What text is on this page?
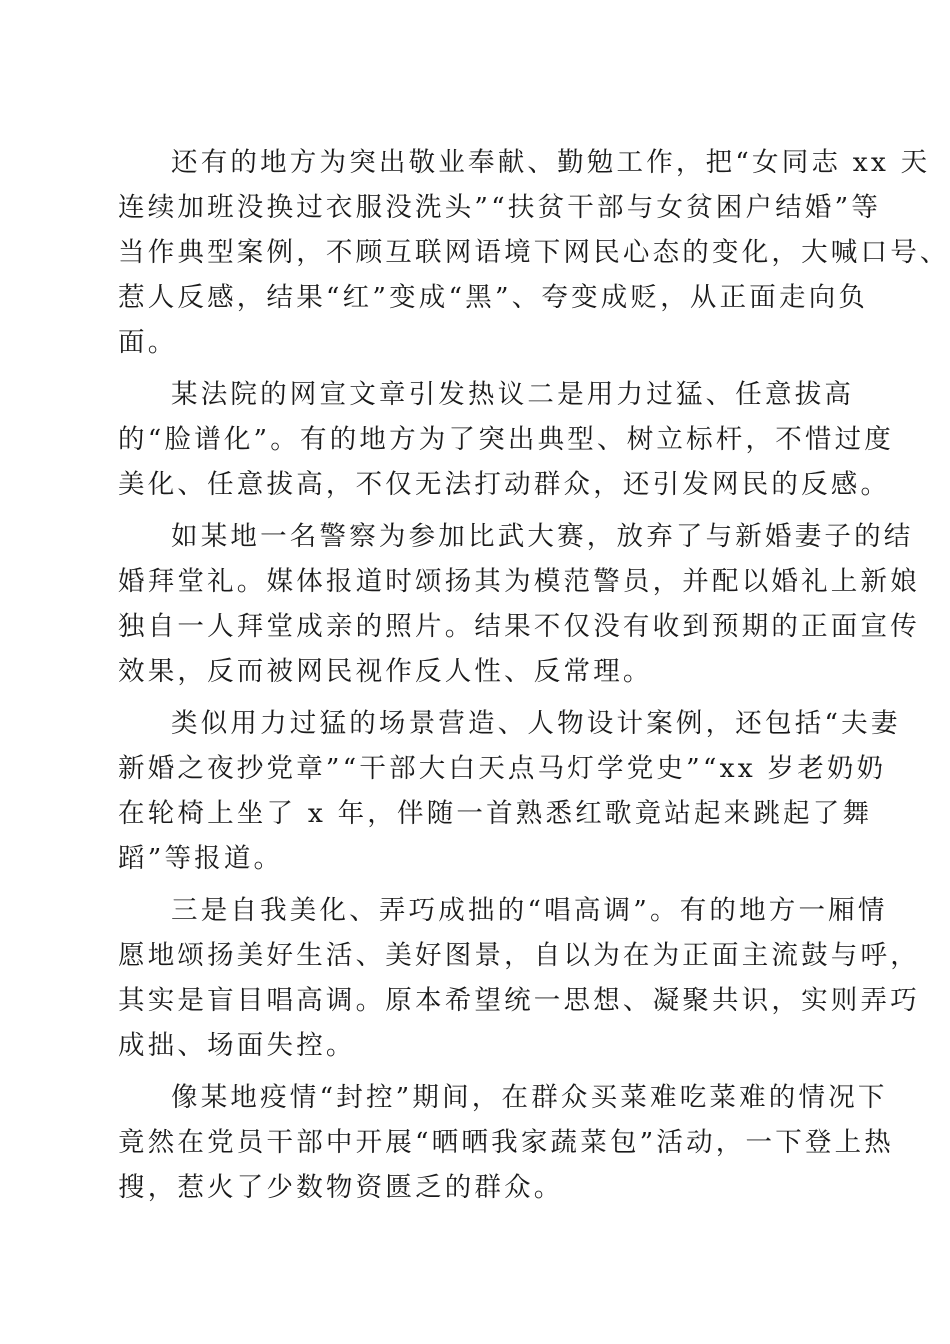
还有的地方为突出敬业奉献、勤勉工作，把“女同志 xx 天
连续加班没换过衣服没洗头”“扶贫干部与女贫困户结婚”等
当作典型案例，不顾互联网语境下网民心态的变化，大喊口号、
惹人反感，结果“红”变成“黑”、夸变成贬，从正面走向负
面。

某法院的网宣文章引发热议二是用力过猛、任意拔高
的“脸谱化”。有的地方为了突出典型、树立标杆，不惜过度
美化、任意拔高，不仅无法打动群众，还引发网民的反感。

如某地一名警察为参加比武大赛，放弃了与新婚妻子的结
婚拜堂礼。媒体报道时颂扬其为模范警员，并配以婚礼上新娘
独自一人拜堂成亲的照片。结果不仅没有收到预期的正面宣传
效果，反而被网民视作反人性、反常理。

类似用力过猛的场景营造、人物设计案例，还包括“夫妻
新婚之夜抄党章”“干部大白天点马灯学党史”“xx 岁老奶奶
在轮椅上坐了 x 年，伴随一首熟悉红歌竟站起来跳起了舞
蹈”等报道。

三是自我美化、弄巧成拙的“唱高调”。有的地方一厢情
愿地颂扬美好生活、美好图景，自以为在为正面主流鼓与呼，
其实是盲目唱高调。原本希望统一思想、凝聚共识，实则弄巧
成拙、场面失控。

像某地疫情“封控”期间，在群众买菜难吃菜难的情况下
竟然在党员干部中开展“晒晒我家蔬菜包”活动，一下登上热
搜，惹火了少数物资匮乏的群众。
